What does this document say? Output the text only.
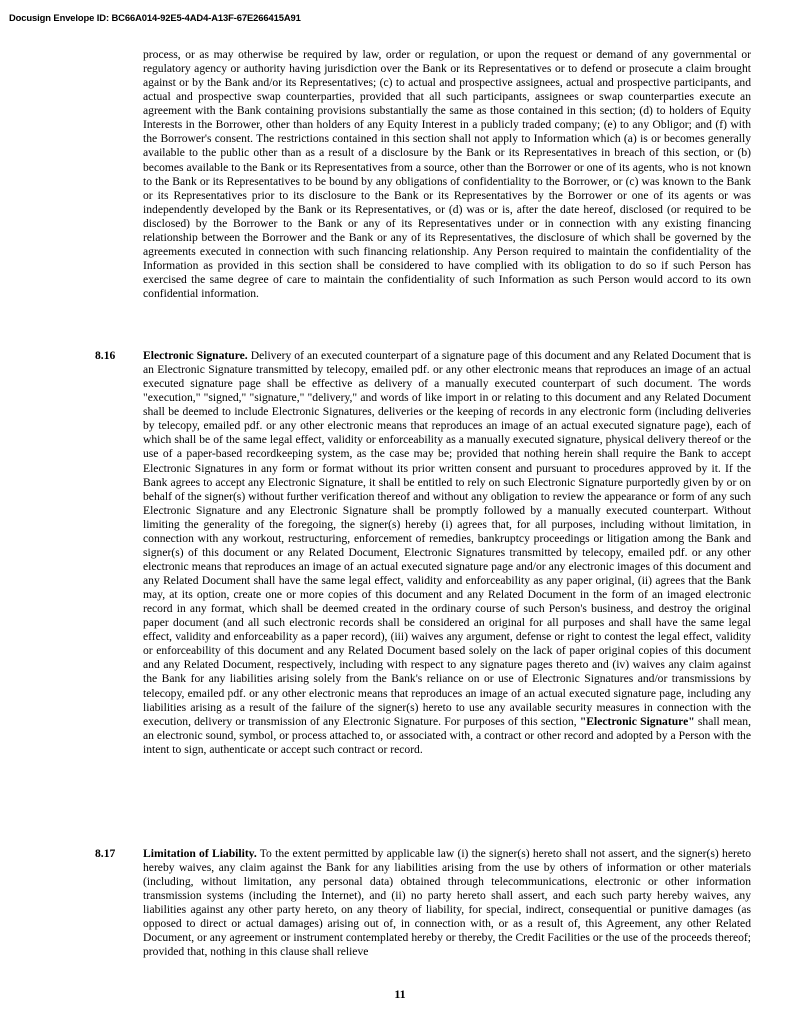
Docusign Envelope ID: BC66A014-92E5-4AD4-A13F-67E266415A91
process, or as may otherwise be required by law, order or regulation, or upon the request or demand of any governmental or regulatory agency or authority having jurisdiction over the Bank or its Representatives or to defend or prosecute a claim brought against or by the Bank and/or its Representatives; (c) to actual and prospective assignees, actual and prospective participants, and actual and prospective swap counterparties, provided that all such participants, assignees or swap counterparties execute an agreement with the Bank containing provisions substantially the same as those contained in this section; (d) to holders of Equity Interests in the Borrower, other than holders of any Equity Interest in a publicly traded company; (e) to any Obligor; and (f) with the Borrower's consent. The restrictions contained in this section shall not apply to Information which (a) is or becomes generally available to the public other than as a result of a disclosure by the Bank or its Representatives in breach of this section, or (b) becomes available to the Bank or its Representatives from a source, other than the Borrower or one of its agents, who is not known to the Bank or its Representatives to be bound by any obligations of confidentiality to the Borrower, or (c) was known to the Bank or its Representatives prior to its disclosure to the Bank or its Representatives by the Borrower or one of its agents or was independently developed by the Bank or its Representatives, or (d) was or is, after the date hereof, disclosed (or required to be disclosed) by the Borrower to the Bank or any of its Representatives under or in connection with any existing financing relationship between the Borrower and the Bank or any of its Representatives, the disclosure of which shall be governed by the agreements executed in connection with such financing relationship. Any Person required to maintain the confidentiality of the Information as provided in this section shall be considered to have complied with its obligation to do so if such Person has exercised the same degree of care to maintain the confidentiality of such Information as such Person would accord to its own confidential information.
8.16 Electronic Signature. Delivery of an executed counterpart of a signature page of this document and any Related Document that is an Electronic Signature transmitted by telecopy, emailed pdf. or any other electronic means that reproduces an image of an actual executed signature page shall be effective as delivery of a manually executed counterpart of such document. The words "execution," "signed," "signature," "delivery," and words of like import in or relating to this document and any Related Document shall be deemed to include Electronic Signatures, deliveries or the keeping of records in any electronic form (including deliveries by telecopy, emailed pdf. or any other electronic means that reproduces an image of an actual executed signature page), each of which shall be of the same legal effect, validity or enforceability as a manually executed signature, physical delivery thereof or the use of a paper-based recordkeeping system, as the case may be; provided that nothing herein shall require the Bank to accept Electronic Signatures in any form or format without its prior written consent and pursuant to procedures approved by it. If the Bank agrees to accept any Electronic Signature, it shall be entitled to rely on such Electronic Signature purportedly given by or on behalf of the signer(s) without further verification thereof and without any obligation to review the appearance or form of any such Electronic Signature and any Electronic Signature shall be promptly followed by a manually executed counterpart. Without limiting the generality of the foregoing, the signer(s) hereby (i) agrees that, for all purposes, including without limitation, in connection with any workout, restructuring, enforcement of remedies, bankruptcy proceedings or litigation among the Bank and signer(s) of this document or any Related Document, Electronic Signatures transmitted by telecopy, emailed pdf. or any other electronic means that reproduces an image of an actual executed signature page and/or any electronic images of this document and any Related Document shall have the same legal effect, validity and enforceability as any paper original, (ii) agrees that the Bank may, at its option, create one or more copies of this document and any Related Document in the form of an imaged electronic record in any format, which shall be deemed created in the ordinary course of such Person's business, and destroy the original paper document (and all such electronic records shall be considered an original for all purposes and shall have the same legal effect, validity and enforceability as a paper record), (iii) waives any argument, defense or right to contest the legal effect, validity or enforceability of this document and any Related Document based solely on the lack of paper original copies of this document and any Related Document, respectively, including with respect to any signature pages thereto and (iv) waives any claim against the Bank for any liabilities arising solely from the Bank's reliance on or use of Electronic Signatures and/or transmissions by telecopy, emailed pdf. or any other electronic means that reproduces an image of an actual executed signature page, including any liabilities arising as a result of the failure of the signer(s) hereto to use any available security measures in connection with the execution, delivery or transmission of any Electronic Signature. For purposes of this section, "Electronic Signature" shall mean, an electronic sound, symbol, or process attached to, or associated with, a contract or other record and adopted by a Person with the intent to sign, authenticate or accept such contract or record.
8.17 Limitation of Liability. To the extent permitted by applicable law (i) the signer(s) hereto shall not assert, and the signer(s) hereto hereby waives, any claim against the Bank for any liabilities arising from the use by others of information or other materials (including, without limitation, any personal data) obtained through telecommunications, electronic or other information transmission systems (including the Internet), and (ii) no party hereto shall assert, and each such party hereby waives, any liabilities against any other party hereto, on any theory of liability, for special, indirect, consequential or punitive damages (as opposed to direct or actual damages) arising out of, in connection with, or as a result of, this Agreement, any other Related Document, or any agreement or instrument contemplated hereby or thereby, the Credit Facilities or the use of the proceeds thereof; provided that, nothing in this clause shall relieve
11
